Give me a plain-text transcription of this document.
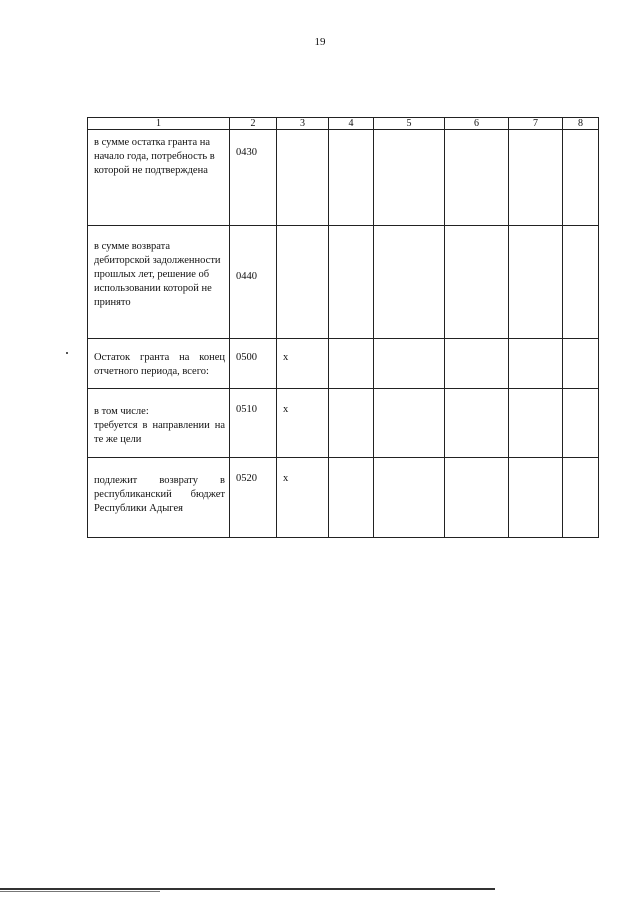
19
1	2	3	4	5	6	7	8
в сумме остатка гранта на начало года, потребность в которой не подтверждена	0430						
в сумме возврата дебиторской задолженности прошлых лет, решение об использовании которой не принято	0440						
Остаток гранта на конец отчетного периода, всего:	0500	x					

в том числе:
требуется в направлении на те же цели	0510	x					
подлежит возврату в республиканский бюджет Республики Адыгея	0520	x					
